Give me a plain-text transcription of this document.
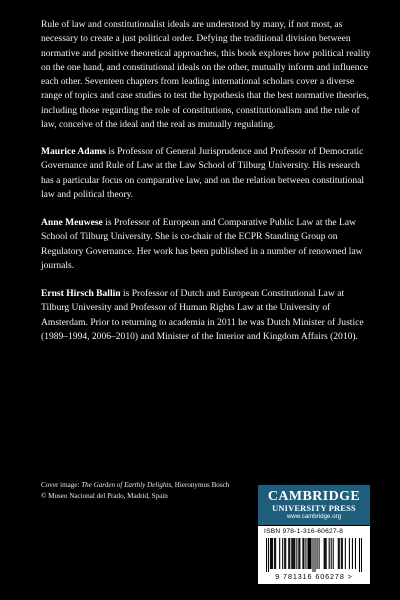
Rule of law and constitutionalist ideals are understood by many, if not most, as necessary to create a just political order. Defying the traditional division between normative and positive theoretical approaches, this book explores how political reality on the one hand, and constitutional ideals on the other, mutually inform and influence each other. Seventeen chapters from leading international scholars cover a diverse range of topics and case studies to test the hypothesis that the best normative theories, including those regarding the role of constitutions, constitutionalism and the rule of law, conceive of the ideal and the real as mutually regulating.

Maurice Adams is Professor of General Jurisprudence and Professor of Democratic Governance and Rule of Law at the Law School of Tilburg University. His research has a particular focus on comparative law, and on the relation between constitutional law and political theory.

Anne Meuwese is Professor of European and Comparative Public Law at the Law School of Tilburg University. She is co-chair of the ECPR Standing Group on Regulatory Governance. Her work has been published in a number of renowned law journals.

Ernst Hirsch Ballin is Professor of Dutch and European Constitutional Law at Tilburg University and Professor of Human Rights Law at the University of Amsterdam. Prior to returning to academia in 2011 he was Dutch Minister of Justice (1989–1994, 2006–2010) and Minister of the Interior and Kingdom Affairs (2010).

Cover image: The Garden of Earthly Delights, Hieronymus Bosch © Museo Nacional del Prado, Madrid, Spain	CAMBRIDGE
UNIVERSITY PRESS
www.cambridge.org
ISBN 978-1-316-60627-8
9 781316 606278 >
